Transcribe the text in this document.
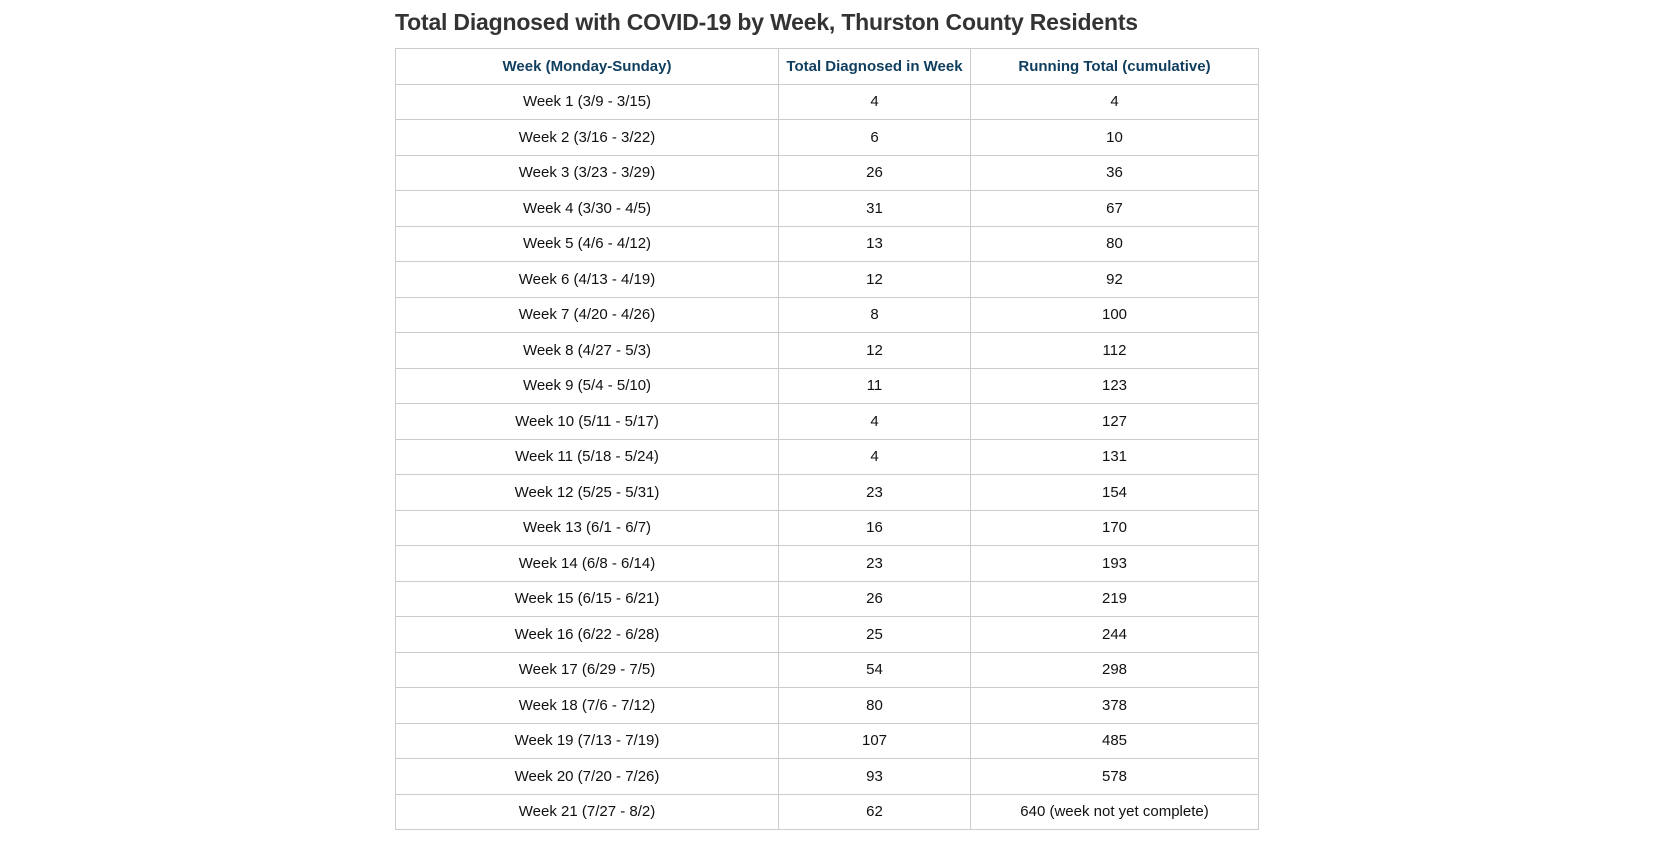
Total Diagnosed with COVID-19 by Week, Thurston County Residents
Week (Monday-Sunday)	Total Diagnosed in Week	Running Total (cumulative)
Week 1 (3/9 - 3/15)	4	4
Week 2 (3/16 - 3/22)	6	10
Week 3 (3/23 - 3/29)	26	36
Week 4 (3/30 - 4/5)	31	67
Week 5 (4/6 - 4/12)	13	80
Week 6 (4/13 - 4/19)	12	92
Week 7 (4/20 - 4/26)	8	100
Week 8 (4/27 - 5/3)	12	112
Week 9 (5/4 - 5/10)	11	123
Week 10 (5/11 - 5/17)	4	127
Week 11 (5/18 - 5/24)	4	131
Week 12 (5/25 - 5/31)	23	154
Week 13 (6/1 - 6/7)	16	170
Week 14 (6/8 - 6/14)	23	193
Week 15 (6/15 - 6/21)	26	219
Week 16 (6/22 - 6/28)	25	244
Week 17 (6/29 - 7/5)	54	298
Week 18 (7/6 - 7/12)	80	378
Week 19 (7/13 - 7/19)	107	485
Week 20 (7/20 - 7/26)	93	578
Week 21 (7/27 - 8/2)	62	640 (week not yet complete)
